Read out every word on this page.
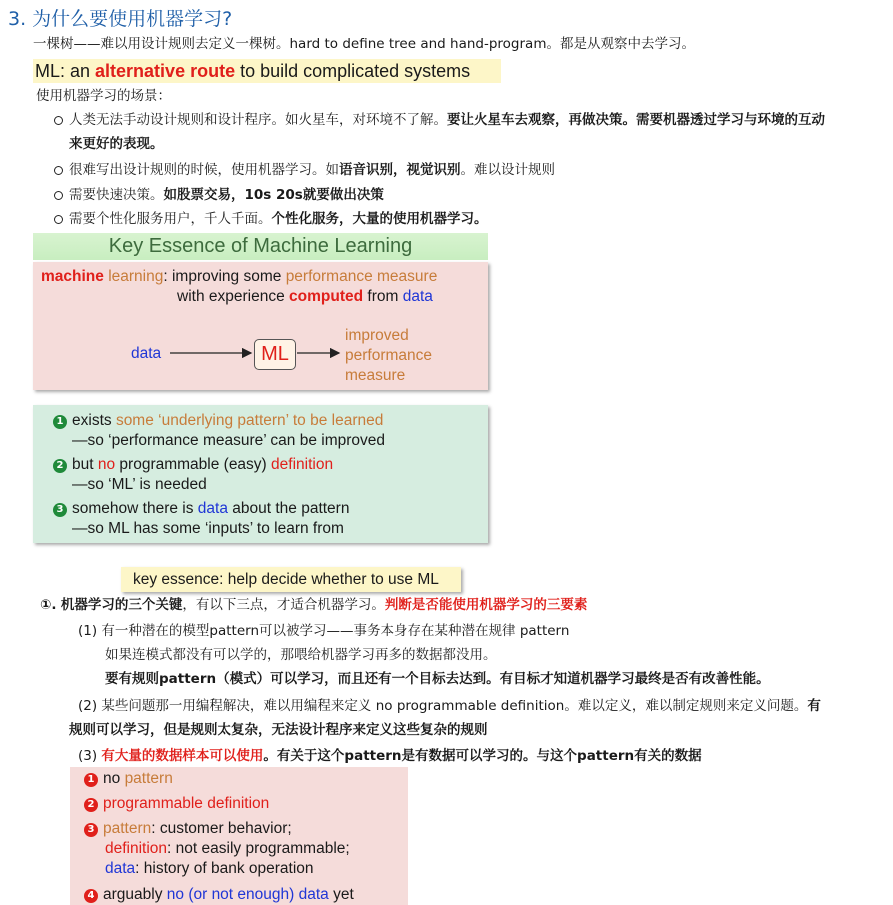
3. 为什么要使用机器学习?
一棵树——难以用设计规则去定义一棵树。hard to define tree and hand-program。都是从观察中去学习。
ML: an alternative route to build complicated systems
使用机器学习的场景：
人类无法手动设计规则和设计程序。如火星车，对环境不了解。要让火星车去观察，再做决策。需要机器透过学习与环境的互动
来更好的表现。
很难写出设计规则的时候，使用机器学习。如语音识别，视觉识别。难以设计规则
需要快速决策。如股票交易，10s 20s就要做出决策
需要个性化服务用户，千人千面。个性化服务，大量的使用机器学习。
Key Essence of Machine Learning
machine learning: improving some performance measure
with experience computed from data
data
improved
performance
measure
ML
1 exists some ‘underlying pattern’ to be learned
—so ‘performance measure’ can be improved
2 but no programmable (easy) definition
—so ‘ML’ is needed
3 somehow there is data about the pattern
—so ML has some ‘inputs’ to learn from
key essence: help decide whether to use ML
①. 机器学习的三个关键，有以下三点，才适合机器学习。判断是否能使用机器学习的三要素
(1) 有一种潜在的模型pattern可以被学习——事务本身存在某种潜在规律 pattern
如果连模式都没有可以学的，那喂给机器学习再多的数据都没用。
要有规则pattern（模式）可以学习，而且还有一个目标去达到。有目标才知道机器学习最终是否有改善性能。
(2) 某些问题那一用编程解决，难以用编程来定义 no programmable definition。难以定义，难以制定规则来定义问题。有
规则可以学习，但是规则太复杂，无法设计程序来定义这些复杂的规则
(3) 有大量的数据样本可以使用。有关于这个pattern是有数据可以学习的。与这个pattern有关的数据
1 no pattern
2 programmable definition
3 pattern: customer behavior;
definition: not easily programmable;
data: history of bank operation
4 arguably no (or not enough) data yet
